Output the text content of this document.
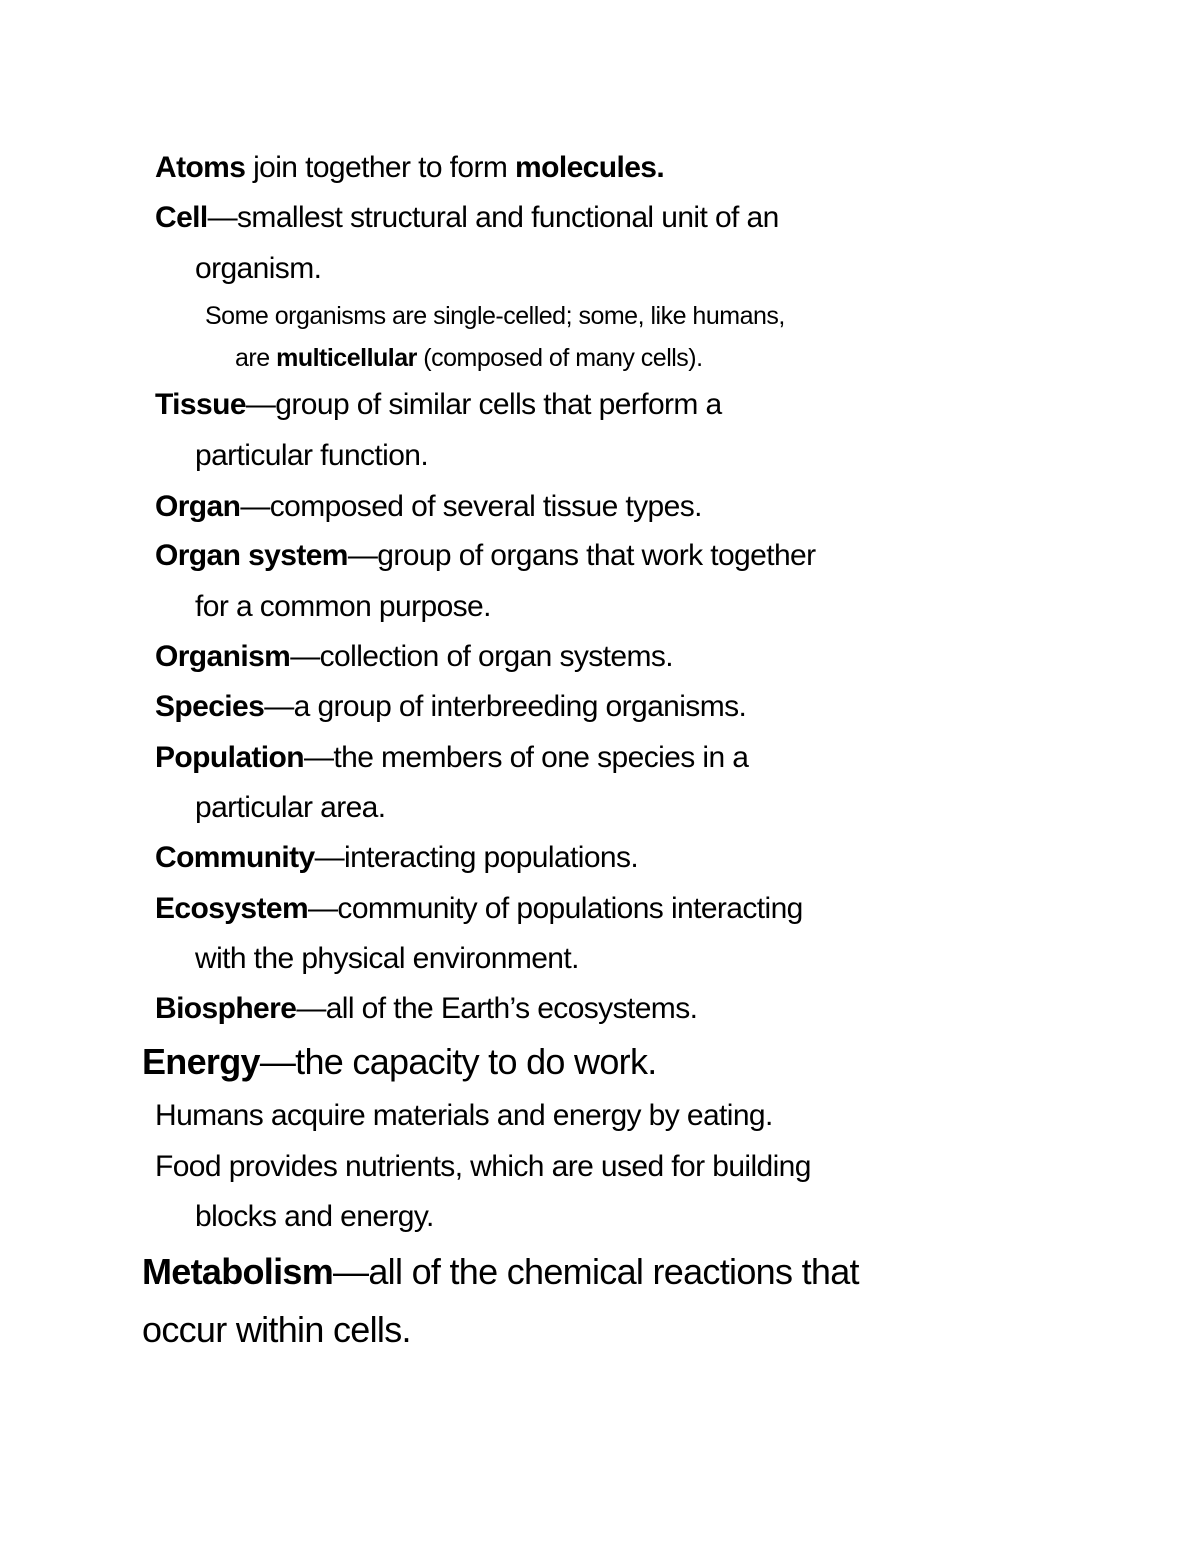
Atoms join together to form molecules.
Cell—smallest structural and functional unit of an
organism.
Some organisms are single-celled; some, like humans,
are multicellular (composed of many cells).
Tissue—group of similar cells that perform a
particular function.
Organ—composed of several tissue types.
Organ system—group of organs that work together
for a common purpose.
Organism—collection of organ systems.
Species—a group of interbreeding organisms.
Population—the members of one species in a
particular area.
Community—interacting populations.
Ecosystem—community of populations interacting
with the physical environment.
Biosphere—all of the Earth’s ecosystems.
Energy—the capacity to do work.
Humans acquire materials and energy by eating.
Food provides nutrients, which are used for building
blocks and energy.
Metabolism—all of the chemical reactions that
occur within cells.
